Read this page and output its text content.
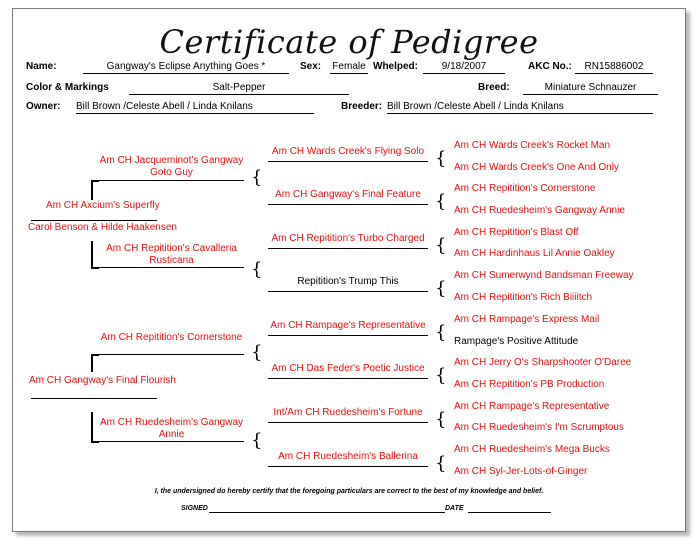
Certificate of Pedigree
Name:	Gangway's Eclipse Anything Goes *	Sex: Female Whelped:	9/18/2007	AKC No.:	RN15886002
Color & Markings	Salt-Pepper	Breed:	Miniature Schnauzer
Owner: Bill Brown /Celeste Abell / Linda Knilans	Breeder: Bill Brown /Celeste Abell / Linda Knilans
Am CH Axcium's Superfly
Carol Benson & Hilde Haakensen
Am CH Jacqueminot's Gangway Goto Guy
Am CH Repitition's Cavalleria Rusticana
{
{
Am CH Wards Creek's Flying Solo
Am CH Gangway's Final Feature
Am CH Repitition's Turbo Charged
Repitition's Trump This
{
{
{
{
Am CH Wards Creek's Rocket Man
Am CH Wards Creek's One And Only
Am CH Repitition's Cornerstone
Am CH Ruedesheim's Gangway Annie
Am CH Repitition's Blast Off
Am CH Hardinhaus Lil Annie Oakley
Am CH Sumerwynd Bandsman Freeway
Am CH Repitition's Rich Biiiitch
Am CH Gangway's Final Flourish
Am CH Repitition's Cornerstone
Am CH Ruedesheim's Gangway Annie
{
{
Am CH Rampage's Representative
Am CH Das Feder's Poetic Justice
Int/Am CH Ruedesheim's Fortune
Am CH Ruedesheim's Ballerina
{
{
{
{
Am CH Rampage's Express Mail
Rampage's Positive Attitude
Am CH Jerry O's Sharpshooter O'Daree
Am CH Repitition's PB Production
Am CH Rampage's Representative
Am CH Ruedesheim's I'm Scrumptous
Am CH Ruedesheim's Mega Bucks
Am CH Syl-Jer-Lots-of-Ginger
I, the undersigned do hereby certify that the foregoing particulars are correct to the best of my knowledge and belief.
SIGNED	DATE
